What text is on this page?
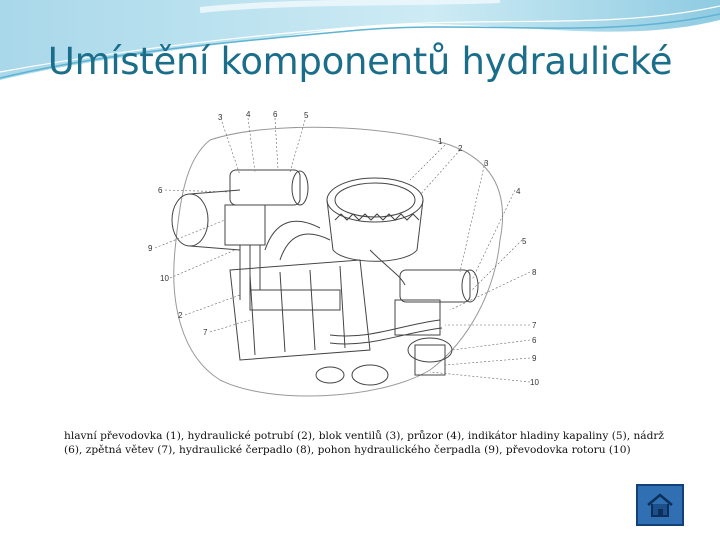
Umístění komponentů hydraulické
3	4	6	5
6
9
10
2
7
1
2
3
4
5
8
7
6
9
10
hlavní převodovka (1), hydraulické potrubí (2), blok ventilů (3), průzor (4), indikátor hladiny kapaliny (5), nádrž (6), zpětná větev (7), hydraulické čerpadlo (8), pohon hydraulického čerpadla (9), převodovka rotoru (10)
